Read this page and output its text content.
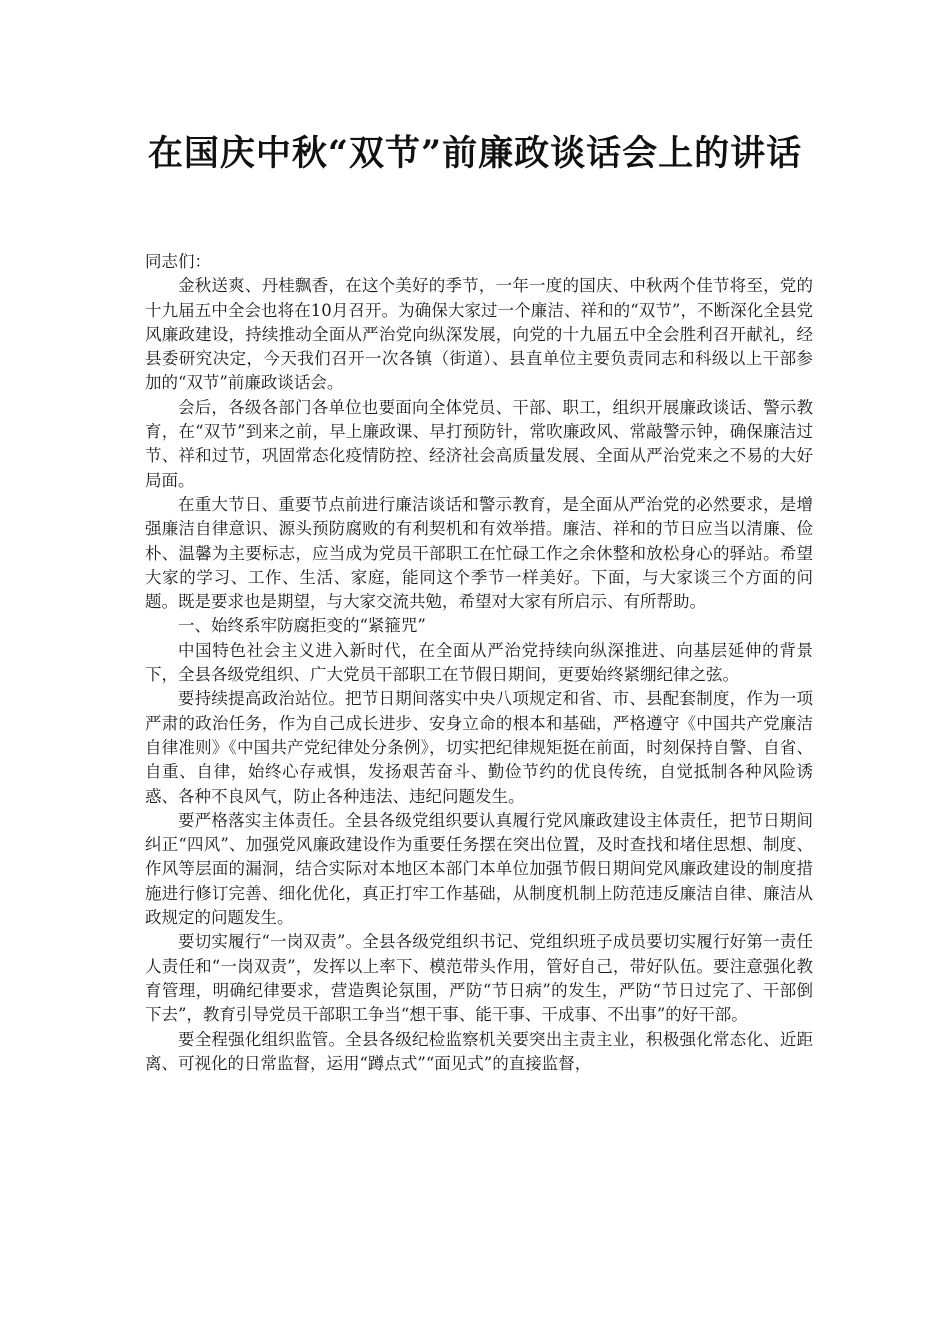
在国庆中秋“双节”前廉政谈话会上的讲话

同志们：

金秋送爽、丹桂飘香，在这个美好的季节，一年一度的国庆、中秋两个佳节将至，党的十九届五中全会也将在10月召开。为确保大家过一个廉洁、祥和的“双节”，不断深化全县党风廉政建设，持续推动全面从严治党向纵深发展，向党的十九届五中全会胜利召开献礼，经县委研究决定，今天我们召开一次各镇（街道）、县直单位主要负责同志和科级以上干部参加的“双节”前廉政谈话会。

会后，各级各部门各单位也要面向全体党员、干部、职工，组织开展廉政谈话、警示教育，在“双节”到来之前，早上廉政课、早打预防针，常吹廉政风、常敲警示钟，确保廉洁过节、祥和过节，巩固常态化疫情防控、经济社会高质量发展、全面从严治党来之不易的大好局面。

在重大节日、重要节点前进行廉洁谈话和警示教育，是全面从严治党的必然要求，是增强廉洁自律意识、源头预防腐败的有利契机和有效举措。廉洁、祥和的节日应当以清廉、俭朴、温馨为主要标志，应当成为党员干部职工在忙碌工作之余休整和放松身心的驿站。希望大家的学习、工作、生活、家庭，能同这个季节一样美好。下面，与大家谈三个方面的问题。既是要求也是期望，与大家交流共勉，希望对大家有所启示、有所帮助。

一、始终系牢防腐拒变的“紧箍咒”

中国特色社会主义进入新时代，在全面从严治党持续向纵深推进、向基层延伸的背景下，全县各级党组织、广大党员干部职工在节假日期间，更要始终紧绷纪律之弦。

要持续提高政治站位。把节日期间落实中央八项规定和省、市、县配套制度，作为一项严肃的政治任务，作为自己成长进步、安身立命的根本和基础，严格遵守《中国共产党廉洁自律准则》《中国共产党纪律处分条例》，切实把纪律规矩挺在前面，时刻保持自警、自省、自重、自律，始终心存戒惧，发扬艰苦奋斗、勤俭节约的优良传统，自觉抵制各种风险诱惑、各种不良风气，防止各种违法、违纪问题发生。

要严格落实主体责任。全县各级党组织要认真履行党风廉政建设主体责任，把节日期间纠正“四风”、加强党风廉政建设作为重要任务摆在突出位置，及时查找和堵住思想、制度、作风等层面的漏洞，结合实际对本地区本部门本单位加强节假日期间党风廉政建设的制度措施进行修订完善、细化优化，真正打牢工作基础，从制度机制上防范违反廉洁自律、廉洁从政规定的问题发生。

要切实履行“一岗双责”。全县各级党组织书记、党组织班子成员要切实履行好第一责任人责任和“一岗双责”，发挥以上率下、模范带头作用，管好自己，带好队伍。要注意强化教育管理，明确纪律要求，营造舆论氛围，严防“节日病”的发生，严防“节日过完了、干部倒下去”，教育引导党员干部职工争当“想干事、能干事、干成事、不出事”的好干部。

要全程强化组织监管。全县各级纪检监察机关要突出主责主业，积极强化常态化、近距离、可视化的日常监督，运用“蹲点式”“面见式”的直接监督，
